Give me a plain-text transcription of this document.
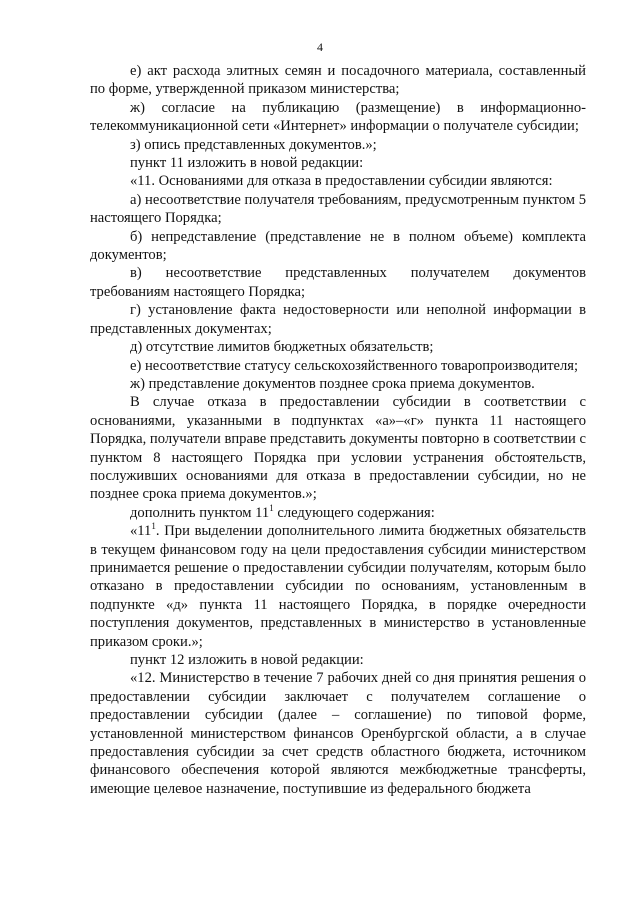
4

е) акт расхода элитных семян и посадочного материала, составленный по форме, утвержденной приказом министерства;

ж) согласие на публикацию (размещение) в информационно-телекоммуникационной сети «Интернет» информации о получателе субсидии;

з) опись представленных документов.»;

пункт 11 изложить в новой редакции:

«11. Основаниями для отказа в предоставлении субсидии являются:

а) несоответствие получателя требованиям, предусмотренным пунктом 5 настоящего Порядка;

б) непредставление (представление не в полном объеме) комплекта документов;

в) несоответствие представленных получателем документов требованиям настоящего Порядка;

г) установление факта недостоверности или неполной информации в представленных документах;

д) отсутствие лимитов бюджетных обязательств;

е) несоответствие статусу сельскохозяйственного товаропроизводителя;

ж) представление документов позднее срока приема документов.

В случае отказа в предоставлении субсидии в соответствии с основаниями, указанными в подпунктах «а»–«г» пункта 11 настоящего Порядка, получатели вправе представить документы повторно в соответствии с пунктом 8 настоящего Порядка при условии устранения обстоятельств, послуживших основаниями для отказа в предоставлении субсидии, но не позднее срока приема документов.»;

дополнить пунктом $11^1$ следующего содержания:

«$11^1$. При выделении дополнительного лимита бюджетных обязательств в текущем финансовом году на цели предоставления субсидии министерством принимается решение о предоставлении субсидии получателям, которым было отказано в предоставлении субсидии по основаниям, установленным в подпункте «д» пункта 11 настоящего Порядка, в порядке очередности поступления документов, представленных в министерство в установленные приказом сроки.»;

пункт 12 изложить в новой редакции:

«12. Министерство в течение 7 рабочих дней со дня принятия решения о предоставлении субсидии заключает с получателем соглашение о предоставлении субсидии (далее – соглашение) по типовой форме, установленной министерством финансов Оренбургской области, а в случае предоставления субсидии за счет средств областного бюджета, источником финансового обеспечения которой являются межбюджетные трансферты, имеющие целевое назначение, поступившие из федерального бюджета
